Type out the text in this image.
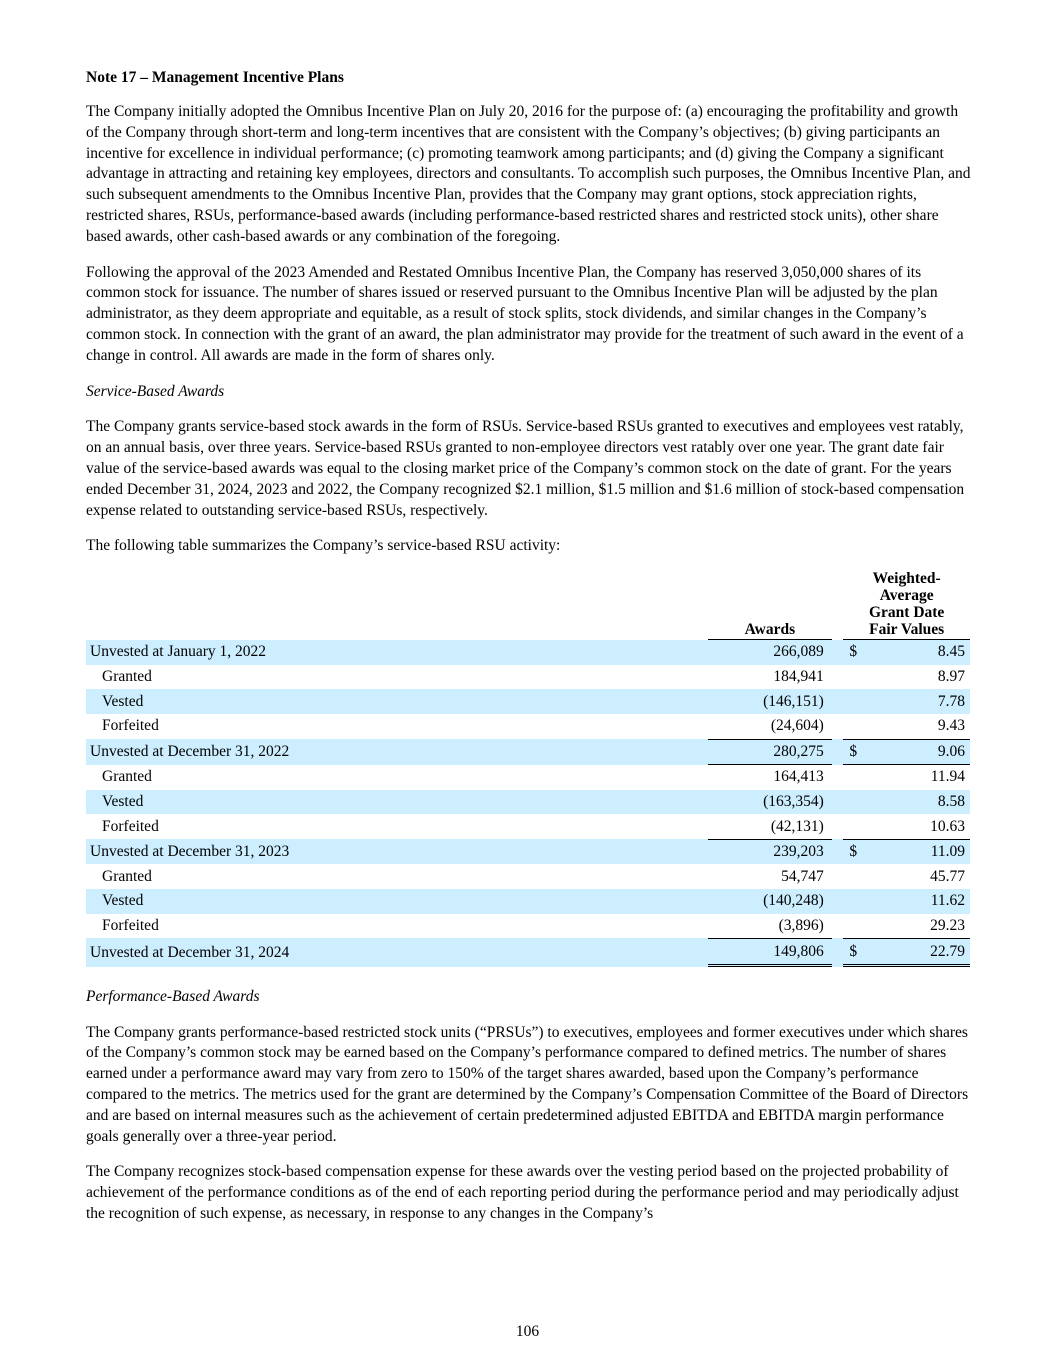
Note 17 – Management Incentive Plans

The Company initially adopted the Omnibus Incentive Plan on July 20, 2016 for the purpose of: (a) encouraging the profitability and growth of the Company through short-term and long-term incentives that are consistent with the Company’s objectives; (b) giving participants an incentive for excellence in individual performance; (c) promoting teamwork among participants; and (d) giving the Company a significant advantage in attracting and retaining key employees, directors and consultants. To accomplish such purposes, the Omnibus Incentive Plan, and such subsequent amendments to the Omnibus Incentive Plan, provides that the Company may grant options, stock appreciation rights, restricted shares, RSUs, performance-based awards (including performance-based restricted shares and restricted stock units), other share based awards, other cash-based awards or any combination of the foregoing.

Following the approval of the 2023 Amended and Restated Omnibus Incentive Plan, the Company has reserved 3,050,000 shares of its common stock for issuance. The number of shares issued or reserved pursuant to the Omnibus Incentive Plan will be adjusted by the plan administrator, as they deem appropriate and equitable, as a result of stock splits, stock dividends, and similar changes in the Company’s common stock. In connection with the grant of an award, the plan administrator may provide for the treatment of such award in the event of a change in control. All awards are made in the form of shares only.

Service-Based Awards

The Company grants service-based stock awards in the form of RSUs. Service-based RSUs granted to executives and employees vest ratably, on an annual basis, over three years. Service-based RSUs granted to non-employee directors vest ratably over one year. The grant date fair value of the service-based awards was equal to the closing market price of the Company’s common stock on the date of grant. For the years ended December 31, 2024, 2023 and 2022, the Company recognized $2.1 million, $1.5 million and $1.6 million of stock-based compensation expense related to outstanding service-based RSUs, respectively.

The following table summarizes the Company’s service-based RSU activity:

	Awards		Weighted-
Average
Grant Date
Fair Values	

Unvested at January 1, 2022	266,089		$	8.45
Granted	184,941			8.97
Vested	(146,151)			7.78
Forfeited	(24,604)			9.43
Unvested at December 31, 2022	280,275		$	9.06
Granted	164,413			11.94
Vested	(163,354)			8.58
Forfeited	(42,131)			10.63
Unvested at December 31, 2023	239,203		$	11.09
Granted	54,747			45.77
Vested	(140,248)			11.62
Forfeited	(3,896)			29.23
Unvested at December 31, 2024	149,806		$	22.79
Performance-Based Awards

The Company grants performance-based restricted stock units (“PRSUs”) to executives, employees and former executives under which shares of the Company’s common stock may be earned based on the Company’s performance compared to defined metrics. The number of shares earned under a performance award may vary from zero to 150% of the target shares awarded, based upon the Company’s performance compared to the metrics. The metrics used for the grant are determined by the Company’s Compensation Committee of the Board of Directors and are based on internal measures such as the achievement of certain predetermined adjusted EBITDA and EBITDA margin performance goals generally over a three-year period.

The Company recognizes stock-based compensation expense for these awards over the vesting period based on the projected probability of achievement of the performance conditions as of the end of each reporting period during the performance period and may periodically adjust the recognition of such expense, as necessary, in response to any changes in the Company’s

106
